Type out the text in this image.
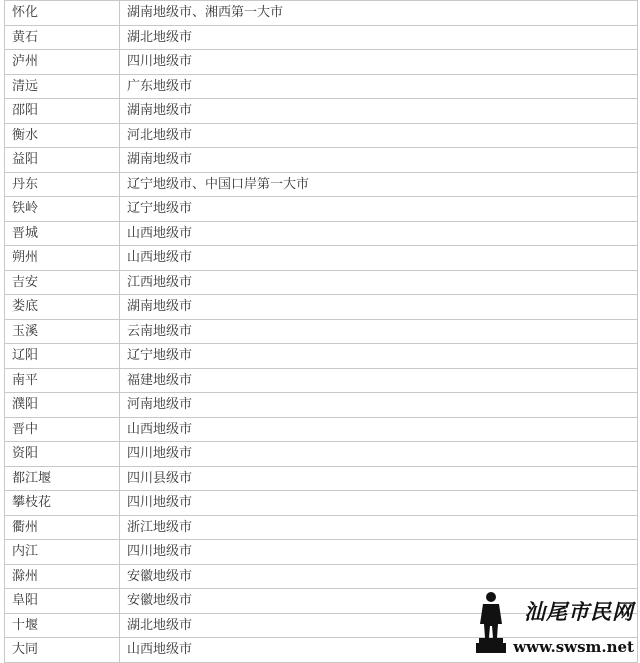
怀化	湖南地级市、湘西第一大市
黄石	湖北地级市
泸州	四川地级市
清远	广东地级市
邵阳	湖南地级市
衡水	河北地级市
益阳	湖南地级市
丹东	辽宁地级市、中国口岸第一大市
铁岭	辽宁地级市
晋城	山西地级市
朔州	山西地级市
吉安	江西地级市
娄底	湖南地级市
玉溪	云南地级市
辽阳	辽宁地级市
南平	福建地级市
濮阳	河南地级市
晋中	山西地级市
资阳	四川地级市
都江堰	四川县级市
攀枝花	四川地级市
衢州	浙江地级市
内江	四川地级市
滁州	安徽地级市
阜阳	安徽地级市
十堰	湖北地级市
大同	山西地级市
汕尾市民网
www.swsm.net
